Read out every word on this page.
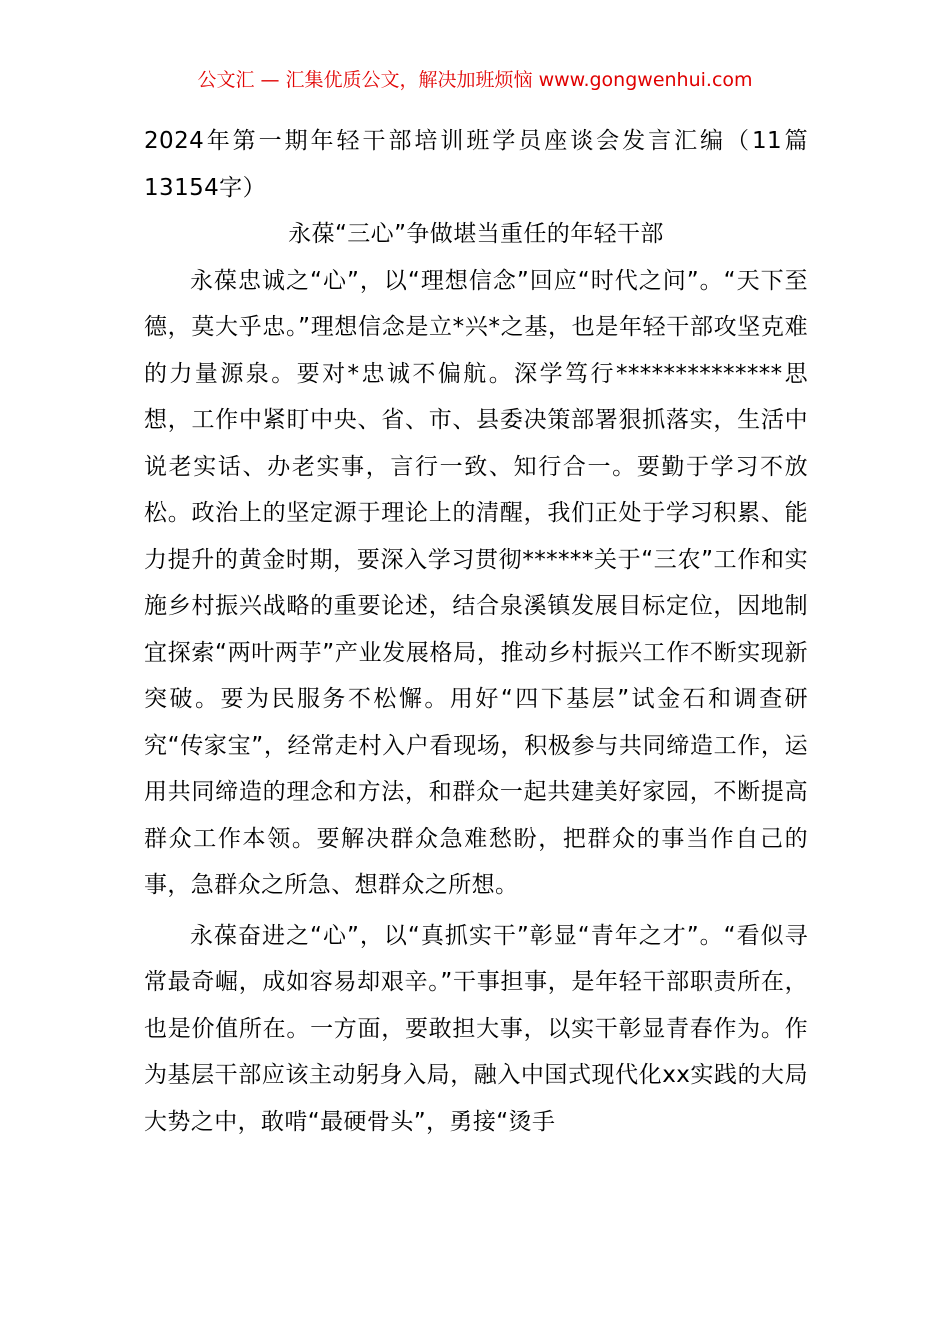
公文汇 — 汇集优质公文，解决加班烦恼 www.gongwenhui.com

2024年第一期年轻干部培训班学员座谈会发言汇编（11篇13154字）

永葆“三心”争做堪当重任的年轻干部

永葆忠诚之“心”，以“理想信念”回应“时代之问”。“天下至德，莫大乎忠。”理想信念是立*兴*之基，也是年轻干部攻坚克难的力量源泉。要对*忠诚不偏航。深学笃行**************思想，工作中紧盯中央、省、市、县委决策部署狠抓落实，生活中说老实话、办老实事，言行一致、知行合一。要勤于学习不放松。政治上的坚定源于理论上的清醒，我们正处于学习积累、能力提升的黄金时期，要深入学习贯彻******关于“三农”工作和实施乡村振兴战略的重要论述，结合泉溪镇发展目标定位，因地制宜探索“两叶两芋”产业发展格局，推动乡村振兴工作不断实现新突破。要为民服务不松懈。用好“四下基层”试金石和调查研究“传家宝”，经常走村入户看现场，积极参与共同缔造工作，运用共同缔造的理念和方法，和群众一起共建美好家园，不断提高群众工作本领。要解决群众急难愁盼，把群众的事当作自己的事，急群众之所急、想群众之所想。

永葆奋进之“心”，以“真抓实干”彰显“青年之才”。“看似寻常最奇崛，成如容易却艰辛。”干事担事，是年轻干部职责所在，也是价值所在。一方面，要敢担大事，以实干彰显青春作为。作为基层干部应该主动躬身入局，融入中国式现代化xx实践的大局大势之中，敢啃“最硬骨头”，勇接“烫手
